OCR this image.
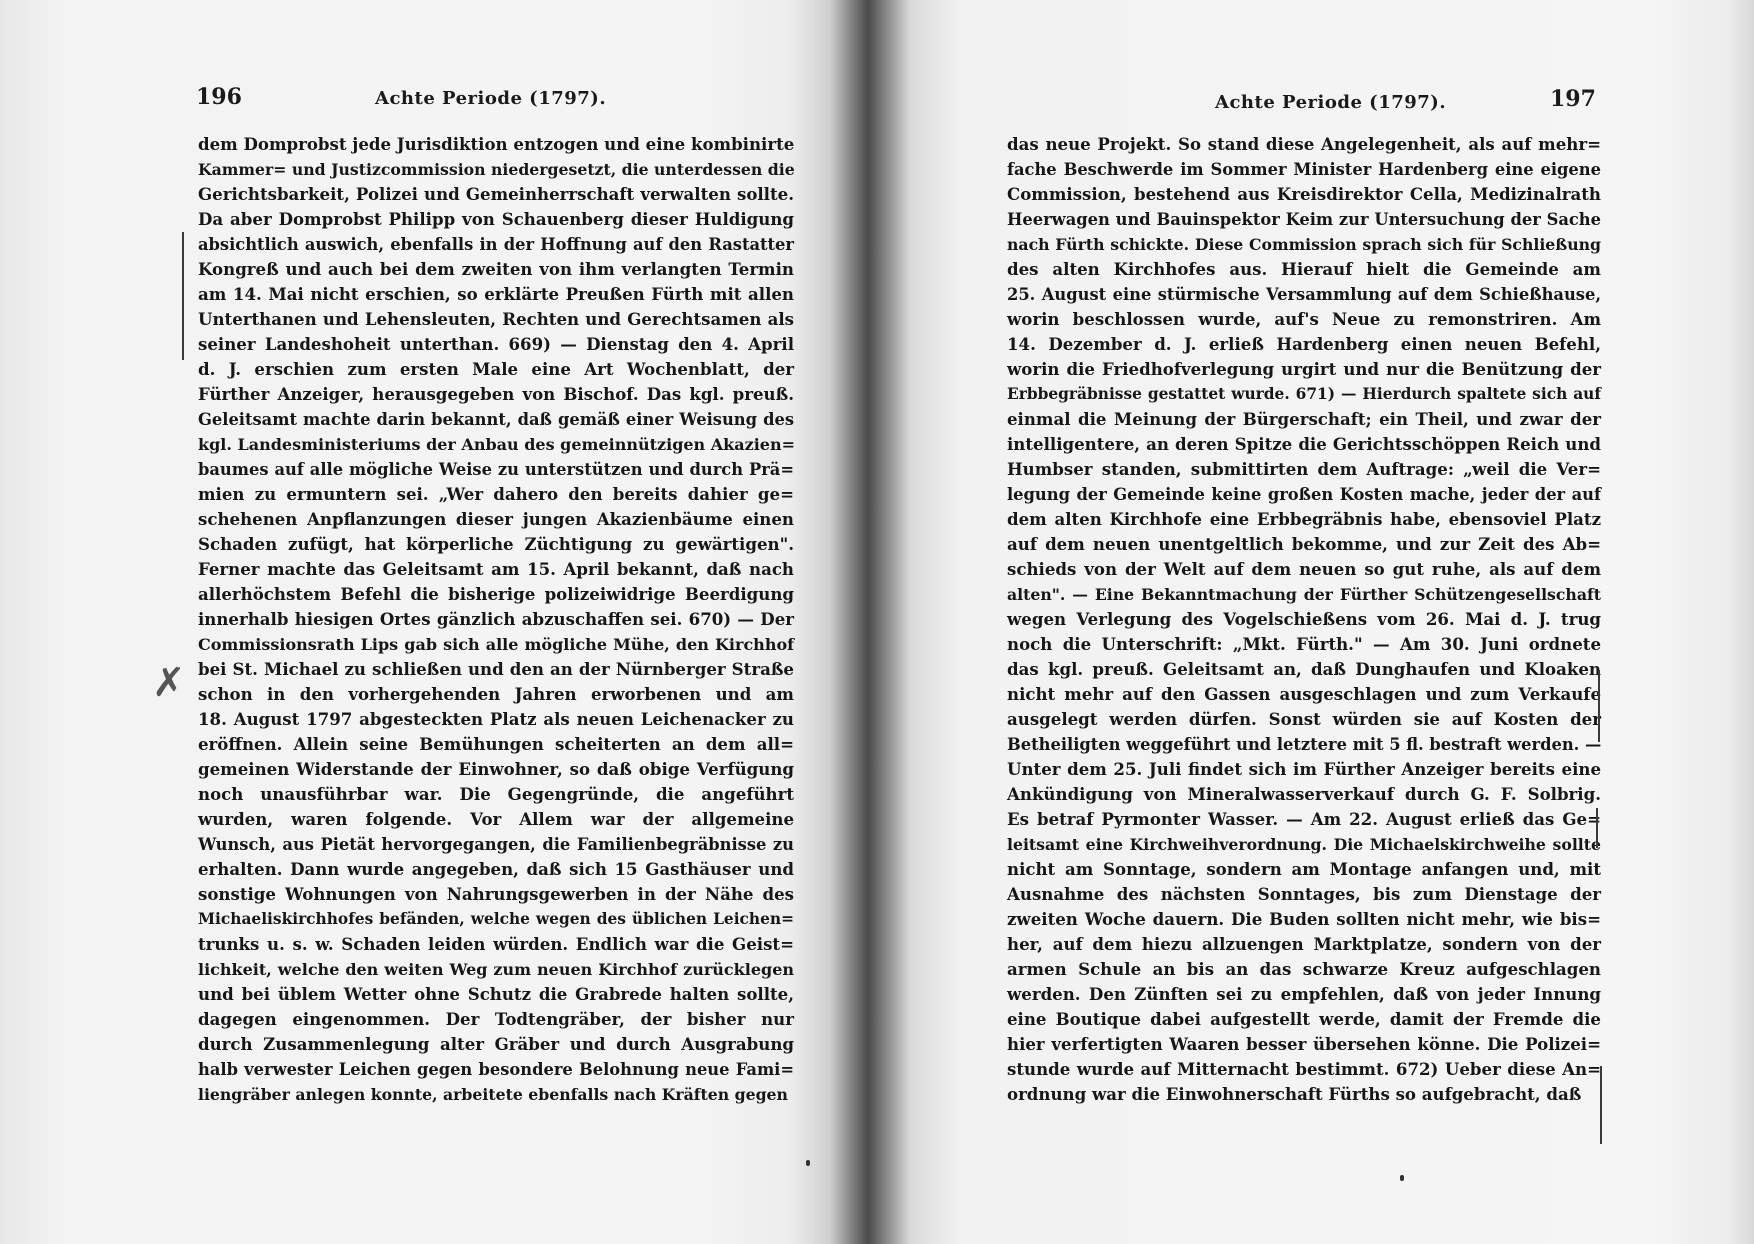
196	Achte Periode (1797).
dem Domprobst jede Jurisdiktion entzogen und eine kombinirte
Kammer= und Justizcommission niedergesetzt, die unterdessen die
Gerichtsbarkeit, Polizei und Gemeinherrschaft verwalten sollte.
Da aber Domprobst Philipp von Schauenberg dieser Huldigung
absichtlich auswich, ebenfalls in der Hoffnung auf den Rastatter
Kongreß und auch bei dem zweiten von ihm verlangten Termin
am 14. Mai nicht erschien, so erklärte Preußen Fürth mit allen
Unterthanen und Lehensleuten, Rechten und Gerechtsamen als
seiner Landeshoheit unterthan. 669) — Dienstag den 4. April
d. J. erschien zum ersten Male eine Art Wochenblatt, der
Fürther Anzeiger, herausgegeben von Bischof. Das kgl. preuß.
Geleitsamt machte darin bekannt, daß gemäß einer Weisung des
kgl. Landesministeriums der Anbau des gemeinnützigen Akazien=
baumes auf alle mögliche Weise zu unterstützen und durch Prä=
mien zu ermuntern sei. „Wer dahero den bereits dahier ge=
schehenen Anpflanzungen dieser jungen Akazienbäume einen
Schaden zufügt, hat körperliche Züchtigung zu gewärtigen".
Ferner machte das Geleitsamt am 15. April bekannt, daß nach
allerhöchstem Befehl die bisherige polizeiwidrige Beerdigung
innerhalb hiesigen Ortes gänzlich abzuschaffen sei. 670) — Der
Commissionsrath Lips gab sich alle mögliche Mühe, den Kirchhof
bei St. Michael zu schließen und den an der Nürnberger Straße
schon in den vorhergehenden Jahren erworbenen und am
18. August 1797 abgesteckten Platz als neuen Leichenacker zu
eröffnen. Allein seine Bemühungen scheiterten an dem all=
gemeinen Widerstande der Einwohner, so daß obige Verfügung
noch unausführbar war. Die Gegengründe, die angeführt
wurden, waren folgende. Vor Allem war der allgemeine
Wunsch, aus Pietät hervorgegangen, die Familienbegräbnisse zu
erhalten. Dann wurde angegeben, daß sich 15 Gasthäuser und
sonstige Wohnungen von Nahrungsgewerben in der Nähe des
Michaeliskirchhofes befänden, welche wegen des üblichen Leichen=
trunks u. s. w. Schaden leiden würden. Endlich war die Geist=
lichkeit, welche den weiten Weg zum neuen Kirchhof zurücklegen
und bei üblem Wetter ohne Schutz die Grabrede halten sollte,
dagegen eingenommen. Der Todtengräber, der bisher nur
durch Zusammenlegung alter Gräber und durch Ausgrabung
halb verwester Leichen gegen besondere Belohnung neue Fami=
liengräber anlegen konnte, arbeitete ebenfalls nach Kräften gegen
✗
Achte Periode (1797).	197
das neue Projekt. So stand diese Angelegenheit, als auf mehr=
fache Beschwerde im Sommer Minister Hardenberg eine eigene
Commission, bestehend aus Kreisdirektor Cella, Medizinalrath
Heerwagen und Bauinspektor Keim zur Untersuchung der Sache
nach Fürth schickte. Diese Commission sprach sich für Schließung
des alten Kirchhofes aus. Hierauf hielt die Gemeinde am
25. August eine stürmische Versammlung auf dem Schießhause,
worin beschlossen wurde, auf's Neue zu remonstriren. Am
14. Dezember d. J. erließ Hardenberg einen neuen Befehl,
worin die Friedhofverlegung urgirt und nur die Benützung der
Erbbegräbnisse gestattet wurde. 671) — Hierdurch spaltete sich auf
einmal die Meinung der Bürgerschaft; ein Theil, und zwar der
intelligentere, an deren Spitze die Gerichtsschöppen Reich und
Humbser standen, submittirten dem Auftrage: „weil die Ver=
legung der Gemeinde keine großen Kosten mache, jeder der auf
dem alten Kirchhofe eine Erbbegräbnis habe, ebensoviel Platz
auf dem neuen unentgeltlich bekomme, und zur Zeit des Ab=
schieds von der Welt auf dem neuen so gut ruhe, als auf dem
alten". — Eine Bekanntmachung der Fürther Schützengesellschaft
wegen Verlegung des Vogelschießens vom 26. Mai d. J. trug
noch die Unterschrift: „Mkt. Fürth." — Am 30. Juni ordnete
das kgl. preuß. Geleitsamt an, daß Dunghaufen und Kloaken
nicht mehr auf den Gassen ausgeschlagen und zum Verkaufe
ausgelegt werden dürfen. Sonst würden sie auf Kosten der
Betheiligten weggeführt und letztere mit 5 fl. bestraft werden. —
Unter dem 25. Juli findet sich im Fürther Anzeiger bereits eine
Ankündigung von Mineralwasserverkauf durch G. F. Solbrig.
Es betraf Pyrmonter Wasser. — Am 22. August erließ das Ge=
leitsamt eine Kirchweihverordnung. Die Michaelskirchweihe sollte
nicht am Sonntage, sondern am Montage anfangen und, mit
Ausnahme des nächsten Sonntages, bis zum Dienstage der
zweiten Woche dauern. Die Buden sollten nicht mehr, wie bis=
her, auf dem hiezu allzuengen Marktplatze, sondern von der
armen Schule an bis an das schwarze Kreuz aufgeschlagen
werden. Den Zünften sei zu empfehlen, daß von jeder Innung
eine Boutique dabei aufgestellt werde, damit der Fremde die
hier verfertigten Waaren besser übersehen könne. Die Polizei=
stunde wurde auf Mitternacht bestimmt. 672) Ueber diese An=
ordnung war die Einwohnerschaft Fürths so aufgebracht, daß
